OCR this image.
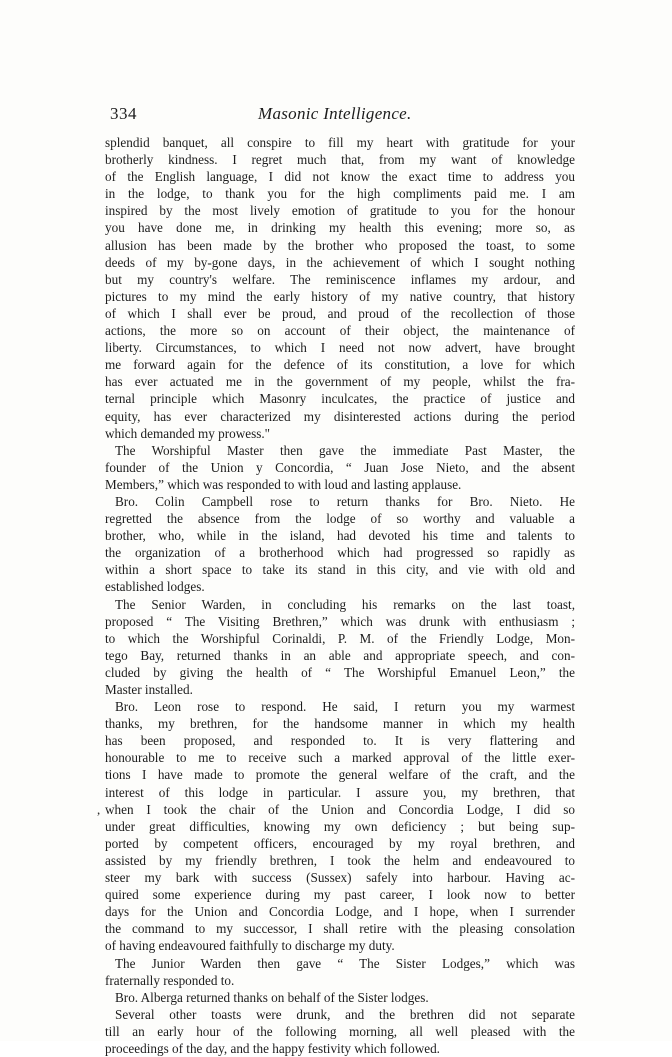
334	Masonic Intelligence.
splendid banquet, all conspire to fill my heart with gratitude for your
brotherly kindness. I regret much that, from my want of knowledge
of the English language, I did not know the exact time to address you
in the lodge, to thank you for the high compliments paid me. I am
inspired by the most lively emotion of gratitude to you for the honour
you have done me, in drinking my health this evening; more so, as
allusion has been made by the brother who proposed the toast, to some
deeds of my by-gone days, in the achievement of which I sought nothing
but my country's welfare. The reminiscence inflames my ardour, and
pictures to my mind the early history of my native country, that history
of which I shall ever be proud, and proud of the recollection of those
actions, the more so on account of their object, the maintenance of
liberty. Circumstances, to which I need not now advert, have brought
me forward again for the defence of its constitution, a love for which
has ever actuated me in the government of my people, whilst the fra-
ternal principle which Masonry inculcates, the practice of justice and
equity, has ever characterized my disinterested actions during the period
which demanded my prowess."
The Worshipful Master then gave the immediate Past Master, the
founder of the Union y Concordia, “ Juan Jose Nieto, and the absent
Members,” which was responded to with loud and lasting applause.
Bro. Colin Campbell rose to return thanks for Bro. Nieto. He
regretted the absence from the lodge of so worthy and valuable a
brother, who, while in the island, had devoted his time and talents to
the organization of a brotherhood which had progressed so rapidly as
within a short space to take its stand in this city, and vie with old and
established lodges.
The Senior Warden, in concluding his remarks on the last toast,
proposed “ The Visiting Brethren,” which was drunk with enthusiasm ;
to which the Worshipful Corinaldi, P. M. of the Friendly Lodge, Mon-
tego Bay, returned thanks in an able and appropriate speech, and con-
cluded by giving the health of “ The Worshipful Emanuel Leon,” the
Master installed.
Bro. Leon rose to respond. He said, I return you my warmest
thanks, my brethren, for the handsome manner in which my health
has been proposed, and responded to. It is very flattering and
honourable to me to receive such a marked approval of the little exer-
tions I have made to promote the general welfare of the craft, and the
interest of this lodge in particular. I assure you, my brethren, that
when I took the chair of the Union and Concordia Lodge, I did so
under great difficulties, knowing my own deficiency ; but being sup-
ported by competent officers, encouraged by my royal brethren, and
assisted by my friendly brethren, I took the helm and endeavoured to
steer my bark with success (Sussex) safely into harbour. Having ac-
quired some experience during my past career, I look now to better
days for the Union and Concordia Lodge, and I hope, when I surrender
the command to my successor, I shall retire with the pleasing consolation
of having endeavoured faithfully to discharge my duty.
The Junior Warden then gave “ The Sister Lodges,” which was
fraternally responded to.
Bro. Alberga returned thanks on behalf of the Sister lodges.
Several other toasts were drunk, and the brethren did not separate
till an early hour of the following morning, all well pleased with the
proceedings of the day, and the happy festivity which followed.
,
